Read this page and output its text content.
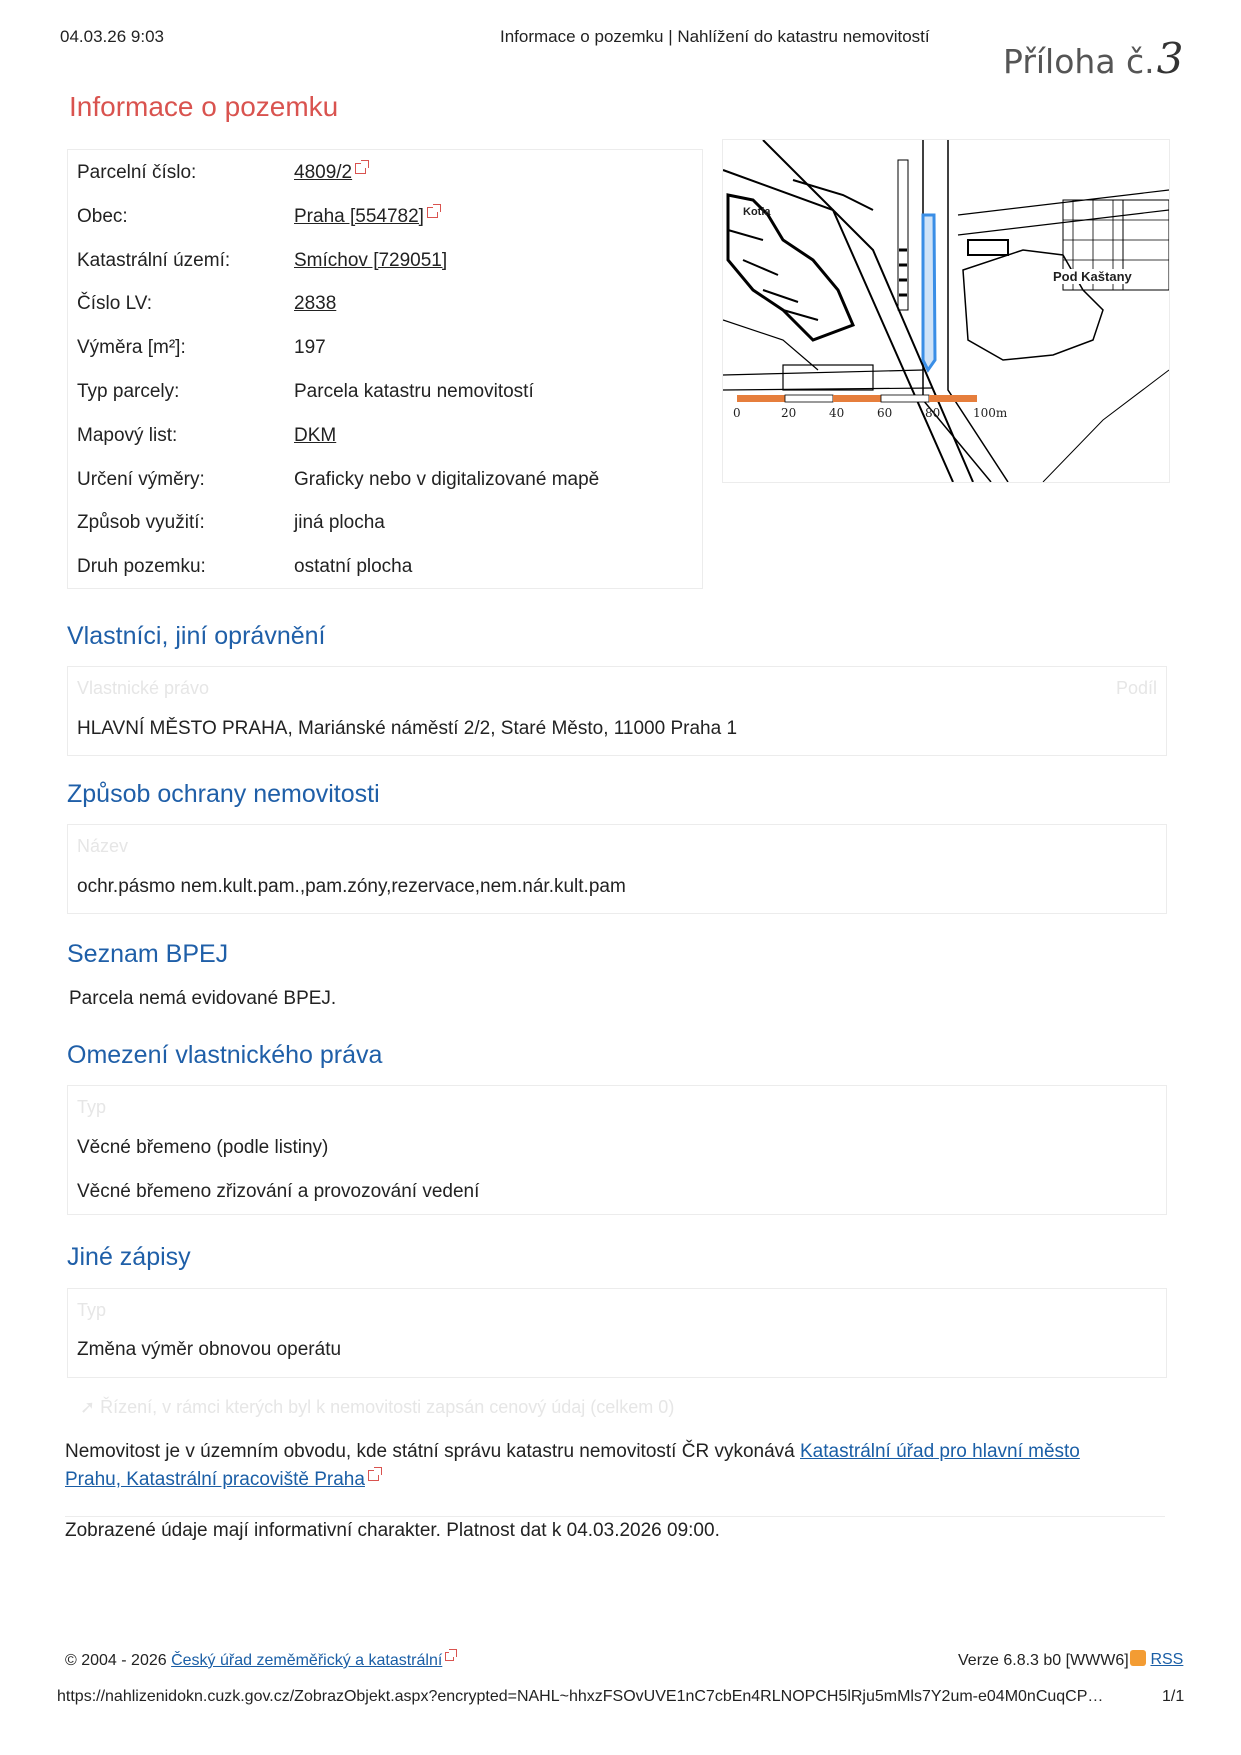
04.03.26 9:03	Informace o pozemku | Nahlížení do katastru nemovitostí
Příloha č.3
Informace o pozemku
Parcelní číslo:	4809/2
Obec:	Praha [554782]
Katastrální území:	Smíchov [729051]
Číslo LV:	2838
Výměra [m²]:	197
Typ parcely:	Parcela katastru nemovitostí
Mapový list:	DKM
Určení výměry:	Graficky nebo v digitalizované mapě
Způsob využití:	jiná plocha
Druh pozemku:	ostatní plocha
Pod Kaštany
Kotla
0	20	40	60	80	100m
Vlastníci, jiní oprávnění
Vlastnické právo	Podíl
HLAVNÍ MĚSTO PRAHA, Mariánské náměstí 2/2, Staré Město, 11000 Praha 1
Způsob ochrany nemovitosti
Název
ochr.pásmo nem.kult.pam.,pam.zóny,rezervace,nem.nár.kult.pam
Seznam BPEJ
Parcela nemá evidované BPEJ.
Omezení vlastnického práva
Typ
Věcné břemeno (podle listiny)
Věcné břemeno zřizování a provozování vedení
Jiné zápisy
Typ
Změna výměr obnovou operátu
➚ Řízení, v rámci kterých byl k nemovitosti zapsán cenový údaj (celkem 0)
Nemovitost je v územním obvodu, kde státní správu katastru nemovitostí ČR vykonává Katastrální úřad pro hlavní město
Prahu, Katastrální pracoviště Praha
Zobrazené údaje mají informativní charakter. Platnost dat k 04.03.2026 09:00.
© 2004 - 2026 Český úřad zeměměřický a katastrální	Verze 6.8.3 b0 [WWW6]	RSS
https://nahlizenidokn.cuzk.gov.cz/ZobrazObjekt.aspx?encrypted=NAHL~hhxzFSOvUVE1nC7cbEn4RLNOPCH5lRju5mMls7Y2um-e04M0nCuqCP…	1/1
